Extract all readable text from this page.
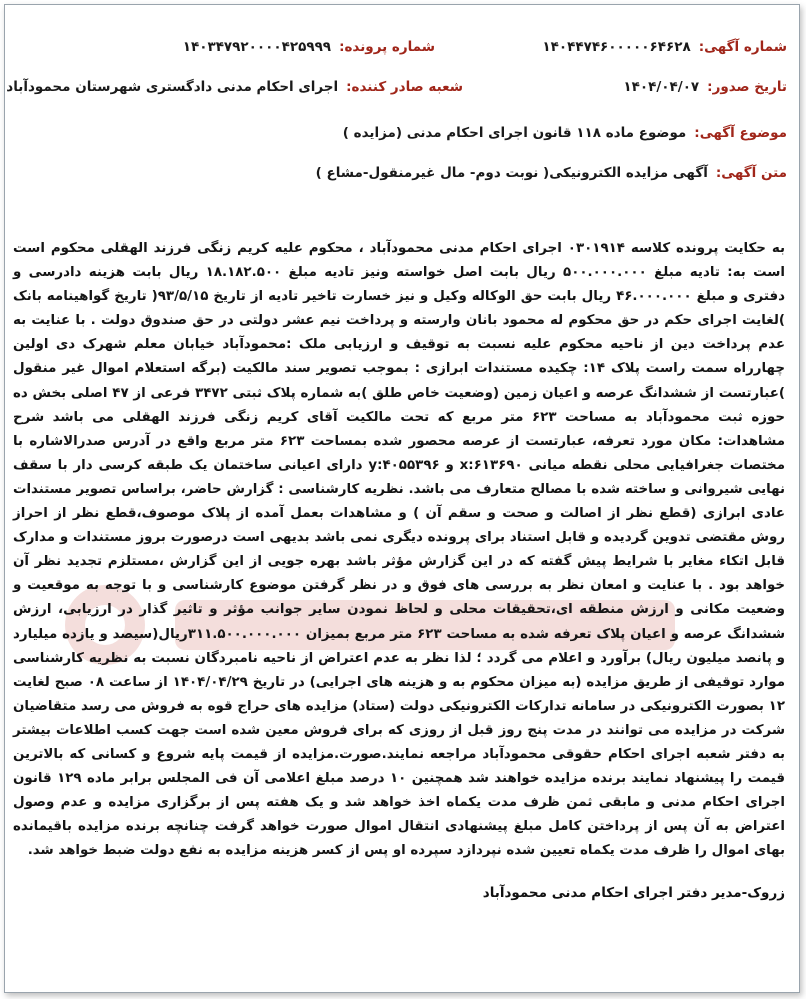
شماره آگهی:
۱۴۰۴۴۷۴۶۰۰۰۰۰۶۴۶۲۸
شماره پرونده:
۱۴۰۳۴۷۹۲۰۰۰۰۴۲۵۹۹۹
تاریخ صدور:
۱۴۰۴/۰۴/۰۷
شعبه صادر کننده:
اجرای احکام مدنی دادگستری شهرستان محمودآباد
موضوع آگهی:
موضوع ماده ۱۱۸ قانون اجرای احکام مدنی (مزایده )
متن آگهی:
آگهی مزایده الکترونیکی( نوبت دوم- مال غیرمنقول-مشاع )
به حکایت پرونده کلاسه ۰۳۰۱۹۱۴ اجرای احکام مدنی محمودآباد ، محکوم علیه کریم زنگی فرزند الهقلی محکوم است است به: تادیه مبلغ ۵۰۰.۰۰۰.۰۰۰ ریال بابت اصل خواسته ونیز تادیه مبلغ ۱۸.۱۸۲.۵۰۰ ریال بابت هزینه دادرسی و دفتری و مبلغ ۴۶.۰۰۰.۰۰۰ ریال بابت حق الوکاله وکیل و نیز خسارت تاخیر تادیه از تاریخ ۹۳/۵/۱۵( تاریخ گواهینامه بانک )لغایت اجرای حکم در حق محکوم له محمود بانان وارسته و پرداخت نیم عشر دولتی در حق صندوق دولت . با عنایت به عدم پرداخت دین از ناحیه محکوم علیه نسبت به توقیف و ارزیابی ملک :محمودآباد خیابان معلم شهرک دی اولین چهارراه سمت راست پلاک ۱۴: چکیده مستندات ابرازی : بموجب تصویر سند مالکیت (برگه استعلام اموال غیر منقول )عبارتست از ششدانگ عرصه و اعیان زمین (وضعیت خاص طلق )به شماره پلاک ثبتی ۳۴۷۲ فرعی از ۴۷ اصلی بخش ده حوزه ثبت محمودآباد به مساحت ۶۲۳ متر مربع که تحت مالکیت آقای کریم زنگی فرزند الهقلی می باشد شرح مشاهدات: مکان مورد تعرفه، عبارتست از عرصه محصور شده بمساحت ۶۲۳ متر مربع واقع در آدرس صدرالاشاره با مختصات جغرافیایی محلی نقطه میانی x:۶۱۳۶۹۰ و y:۴۰۵۵۳۹۶ دارای اعیانی ساختمان یک طبقه کرسی دار با سقف نهایی شیروانی و ساخته شده با مصالح متعارف می باشد. نظریه کارشناسی : گزارش حاضر، براساس تصویر مستندات عادی ابرازی (قطع نظر از اصالت و صحت و سقم آن ) و مشاهدات بعمل آمده از پلاک موصوف،قطع نظر از احراز روش مقتضی تدوین گردیده و قابل استناد برای پرونده دیگری نمی باشد بدیهی است درصورت بروز مستندات و مدارک قابل اتکاء مغایر با شرایط پیش گفته که در این گزارش مؤثر باشد بهره جویی از این گزارش ،مستلزم تجدید نظر آن خواهد بود . با عنایت و امعان نظر به بررسی های فوق و در نظر گرفتن موضوع کارشناسی و با توجه به موقعیت و وضعیت مکانی و ارزش منطقه ای،تحقیقات محلی و لحاظ نمودن سایر جوانب مؤثر و تاثیر گذار در ارزیابی، ارزش ششدانگ عرصه و اعیان پلاک تعرفه شده به مساحت ۶۲۳ متر مربع بمیزان ۳۱۱.۵۰۰.۰۰۰.۰۰۰ریال(سیصد و یازده میلیارد و پانصد میلیون ریال) برآورد و اعلام می گردد ؛ لذا نظر به عدم اعتراض از ناحیه نامبردگان نسبت به نظریه کارشناسی موارد توقیفی از طریق مزایده (به میزان محکوم به و هزینه های اجرایی) در تاریخ ۱۴۰۴/۰۴/۲۹ از ساعت ۰۸ صبح لغایت ۱۲ بصورت الکترونیکی در سامانه تدارکات الکترونیکی دولت (ستاد) مزایده های حراج قوه به فروش می رسد متقاضیان شرکت در مزایده می توانند در مدت پنج روز قبل از روزی که برای فروش معین شده است جهت کسب اطلاعات بیشتر به دفتر شعبه اجرای احکام حقوقی محمودآباد مراجعه نمایند.صورت.مزایده از قیمت پایه شروع و کسانی که بالاترین قیمت را پیشنهاد نمایند برنده مزایده خواهند شد همچنین ۱۰ درصد مبلغ اعلامی آن فی المجلس برابر ماده ۱۲۹ قانون اجرای احکام مدنی و مابقی ثمن ظرف مدت یکماه اخذ خواهد شد و یک هفته پس از برگزاری مزایده و عدم وصول اعتراض به آن پس از پرداختن کامل مبلغ پیشنهادی انتقال اموال صورت خواهد گرفت چنانچه برنده مزایده باقیمانده بهای اموال را ظرف مدت یکماه تعیین شده نپردازد سپرده او پس از کسر هزینه مزایده به نفع دولت ضبط خواهد شد.
زروک-مدیر دفتر اجرای احکام مدنی محمودآباد
